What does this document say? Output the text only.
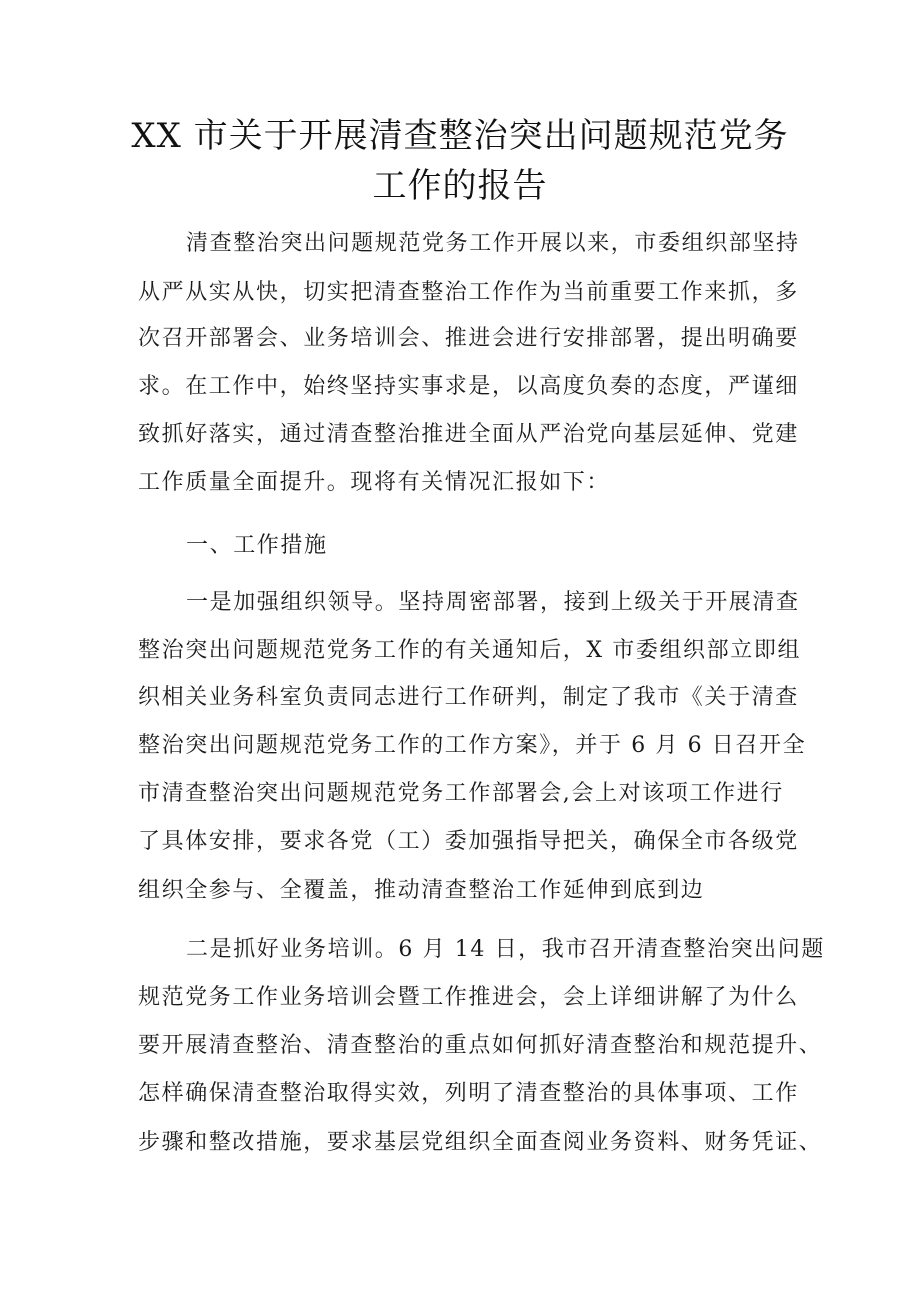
XX 市关于开展清查整治突出问题规范党务
工作的报告
清查整治突出问题规范党务工作开展以来，市委组织部坚持
从严从实从快，切实把清查整治工作作为当前重要工作来抓，多
次召开部署会、业务培训会、推进会进行安排部署，提出明确要
求。在工作中，始终坚持实事求是，以高度负奏的态度，严谨细
致抓好落实，通过清查整治推进全面从严治党向基层延伸、党建
工作质量全面提升。现将有关情况汇报如下：
一、工作措施
一是加强组织领导。坚持周密部署，接到上级关于开展清查
整治突出问题规范党务工作的有关通知后，X 市委组织部立即组
织相关业务科室负责同志进行工作研判，制定了我市《关于清查
整治突出问题规范党务工作的工作方案》，并于 6 月 6 日召开全
市清查整治突出问题规范党务工作部署会,会上对该项工作进行
了具体安排，要求各党（工）委加强指导把关，确保全市各级党
组织全参与、全覆盖，推动清查整治工作延伸到底到边
二是抓好业务培训。6 月 14 日，我市召开清查整治突出问题
规范党务工作业务培训会暨工作推进会，会上详细讲解了为什么
要开展清查整治、清查整治的重点如何抓好清查整治和规范提升、
怎样确保清查整治取得实效，列明了清查整治的具体事项、工作
步骤和整改措施，要求基层党组织全面查阅业务资料、财务凭证、
